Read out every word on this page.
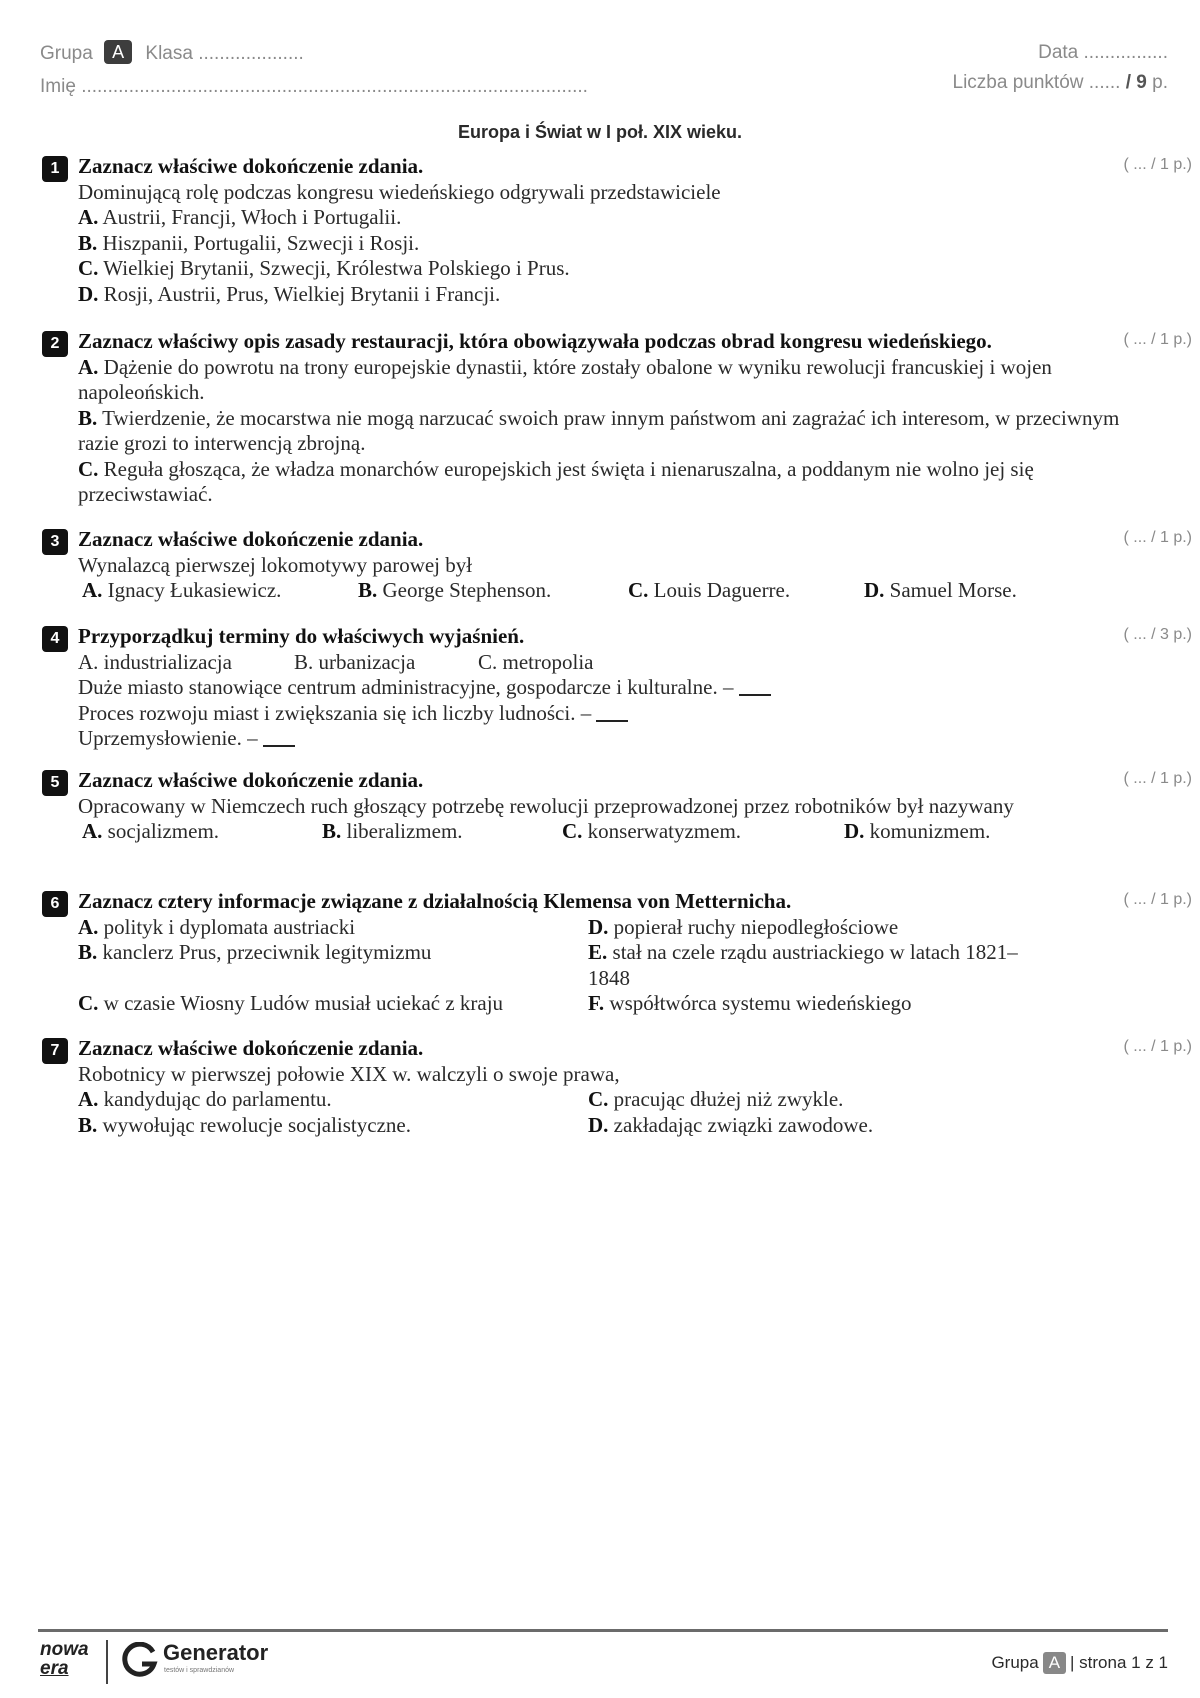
Grupa A Klasa ....................
Imię ................................................................................................
Data ................
Liczba punktów ...... / 9 p.
Europa i Świat w I poł. XIX wieku.
1	( ... / 1 p.)
Zaznacz właściwe dokończenie zdania.
Dominującą rolę podczas kongresu wiedeńskiego odgrywali przedstawiciele
A. Austrii, Francji, Włoch i Portugalii.
B. Hiszpanii, Portugalii, Szwecji i Rosji.
C. Wielkiej Brytanii, Szwecji, Królestwa Polskiego i Prus.
D. Rosji, Austrii, Prus, Wielkiej Brytanii i Francji.
2	( ... / 1 p.)
Zaznacz właściwy opis zasady restauracji, która obowiązywała podczas obrad kongresu wiedeńskiego.
A. Dążenie do powrotu na trony europejskie dynastii, które zostały obalone w wyniku rewolucji francuskiej i wojen napoleońskich.
B. Twierdzenie, że mocarstwa nie mogą narzucać swoich praw innym państwom ani zagrażać ich interesom, w przeciwnym razie grozi to interwencją zbrojną.
C. Reguła głosząca, że władza monarchów europejskich jest święta i nienaruszalna, a poddanym nie wolno jej się przeciwstawiać.
3	( ... / 1 p.)
Zaznacz właściwe dokończenie zdania.
Wynalazcą pierwszej lokomotywy parowej był
A. Ignacy Łukasiewicz.	B. George Stephenson.	C. Louis Daguerre.	D. Samuel Morse.
4	( ... / 3 p.)
Przyporządkuj terminy do właściwych wyjaśnień.
A. industrializacja	B. urbanizacja	C. metropolia
Duże miasto stanowiące centrum administracyjne, gospodarcze i kulturalne. –
Proces rozwoju miast i zwiększania się ich liczby ludności. –
Uprzemysłowienie. –
5	( ... / 1 p.)
Zaznacz właściwe dokończenie zdania.
Opracowany w Niemczech ruch głoszący potrzebę rewolucji przeprowadzonej przez robotników był nazywany
A. socjalizmem.	B. liberalizmem.	C. konserwatyzmem.	D. komunizmem.
6	( ... / 1 p.)
Zaznacz cztery informacje związane z działalnością Klemensa von Metternicha.
A. polityk i dyplomata austriacki	D. popierał ruchy niepodległościowe
B. kanclerz Prus, przeciwnik legitymizmu	E. stał na czele rządu austriackiego w latach 1821–1848
C. w czasie Wiosny Ludów musiał uciekać z kraju	F. współtwórca systemu wiedeńskiego
7	( ... / 1 p.)
Zaznacz właściwe dokończenie zdania.
Robotnicy w pierwszej połowie XIX w. walczyli o swoje prawa,
A. kandydując do parlamentu.	C. pracując dłużej niż zwykle.
B. wywołując rewolucje socjalistyczne.	D. zakładając związki zawodowe.
nowa
era
Generator
testów i sprawdzianów	Grupa A | strona 1 z 1
